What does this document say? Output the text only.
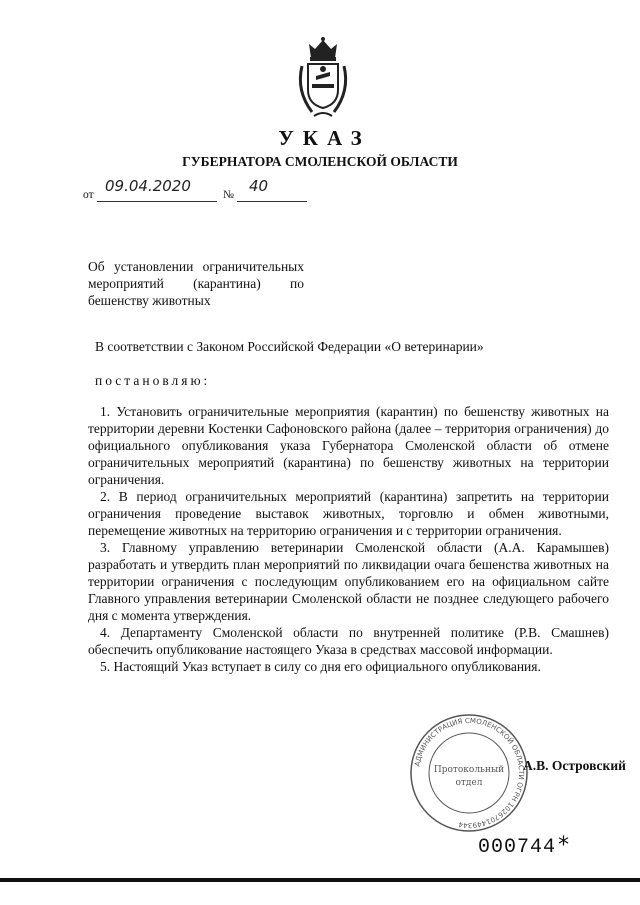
УКАЗ
ГУБЕРНАТОРА СМОЛЕНСКОЙ ОБЛАСТИ
от 09.04.2020	№ 40
Об установлении ограничительных
мероприятий (карантина) по
бешенству животных
В соответствии с Законом Российской Федерации «О ветеринарии»
постановляю:

1. Установить ограничительные мероприятия (карантин) по бешенству животных на территории деревни Костенки Сафоновского района (далее – территория ограничения) до официального опубликования указа Губернатора Смоленской области об отмене ограничительных мероприятий (карантина) по бешенству животных на территории ограничения.

2. В период ограничительных мероприятий (карантина) запретить на территории ограничения проведение выставок животных, торговлю и обмен животными, перемещение животных на территорию ограничения и с территории ограничения.

3. Главному управлению ветеринарии Смоленской области (А.А. Карамышев) разработать и утвердить план мероприятий по ликвидации очага бешенства животных на территории ограничения с последующим опубликованием его на официальном сайте Главного управления ветеринарии Смоленской области не позднее следующего рабочего дня с момента утверждения.

4. Департаменту Смоленской области по внутренней политике (Р.В. Смашнев) обеспечить опубликование настоящего Указа в средствах массовой информации.

5. Настоящий Указ вступает в силу со дня его официального опубликования.

АДМИНИСТРАЦИЯ СМОЛЕНСКОЙ ОБЛАСТИ ОГРН 1026701449344
Протокольный
отдел
А.В. Островский
000744 *
